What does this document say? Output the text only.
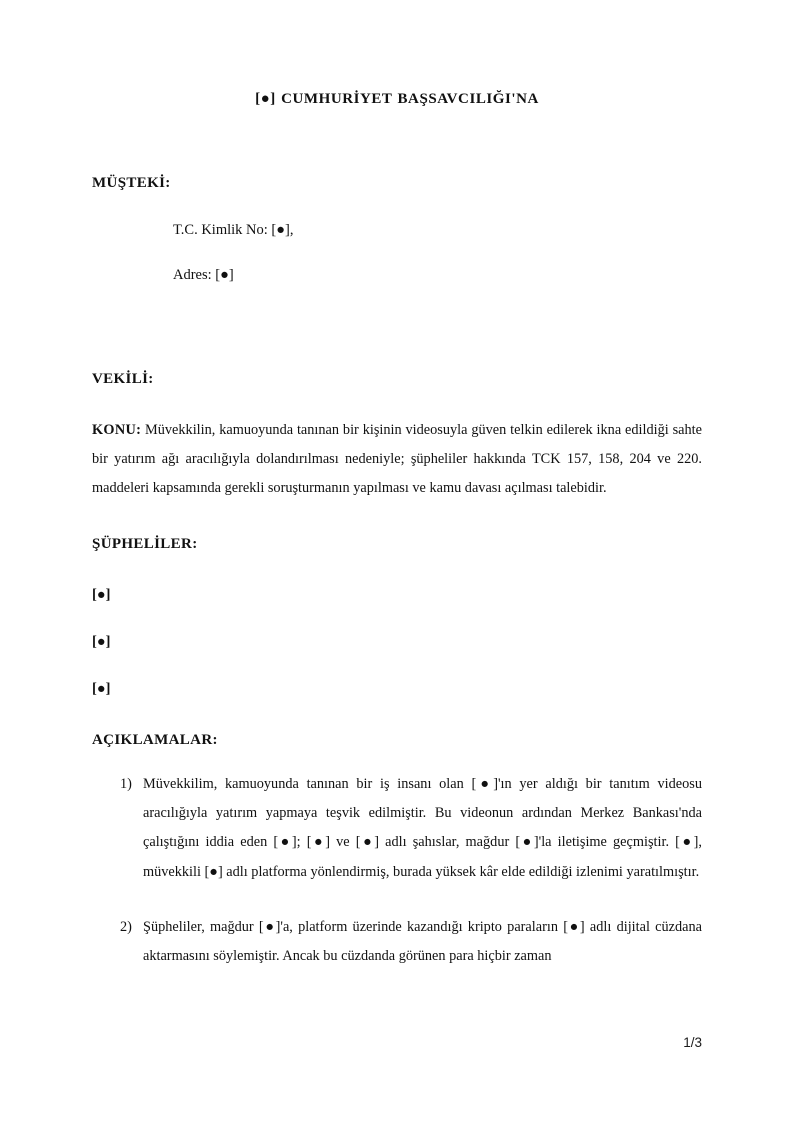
[●] CUMHURİYET BAŞSAVCILIĞI'NA
MÜŞTEKİ:

T.C. Kimlik No: [●],

Adres: [●]

VEKİLİ:

KONU: Müvekkilin, kamuoyunda tanınan bir kişinin videosuyla güven telkin edilerek ikna edildiği sahte bir yatırım ağı aracılığıyla dolandırılması nedeniyle; şüpheliler hakkında TCK 157, 158, 204 ve 220. maddeleri kapsamında gerekli soruşturmanın yapılması ve kamu davası açılması talebidir.

ŞÜPHELİLER:

[●]

[●]

[●]

AÇIKLAMALAR:
1) Müvekkilim, kamuoyunda tanınan bir iş insanı olan [●]'ın yer aldığı bir tanıtım videosu aracılığıyla yatırım yapmaya teşvik edilmiştir. Bu videonun ardından Merkez Bankası'nda çalıştığını iddia eden [●]; [●] ve [●] adlı şahıslar, mağdur [●]'la iletişime geçmiştir. [●], müvekkili [●] adlı platforma yönlendirmiş, burada yüksek kâr elde edildiği izlenimi yaratılmıştır.
2) Şüpheliler, mağdur [●]'a, platform üzerinde kazandığı kripto paraların [●] adlı dijital cüzdana aktarmasını söylemiştir. Ancak bu cüzdanda görünen para hiçbir zaman
1/3
